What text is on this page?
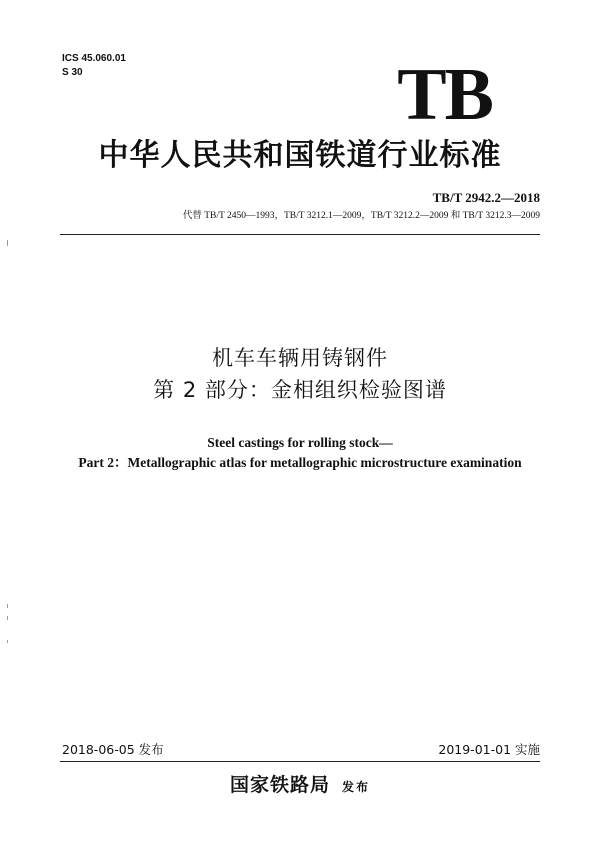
ICS 45.060.01
S 30	TB
中华人民共和国铁道行业标准
TB/T 2942.2—2018
代替 TB/T 2450—1993，TB/T 3212.1—2009，TB/T 3212.2—2009 和 TB/T 3212.3—2009
机车车辆用铸钢件
第 2 部分：金相组织检验图谱
Steel castings for rolling stock—
Part 2：Metallographic atlas for metallographic microstructure examination
2018-06-05 发布	2019-01-01 实施
国家铁路局 发布
